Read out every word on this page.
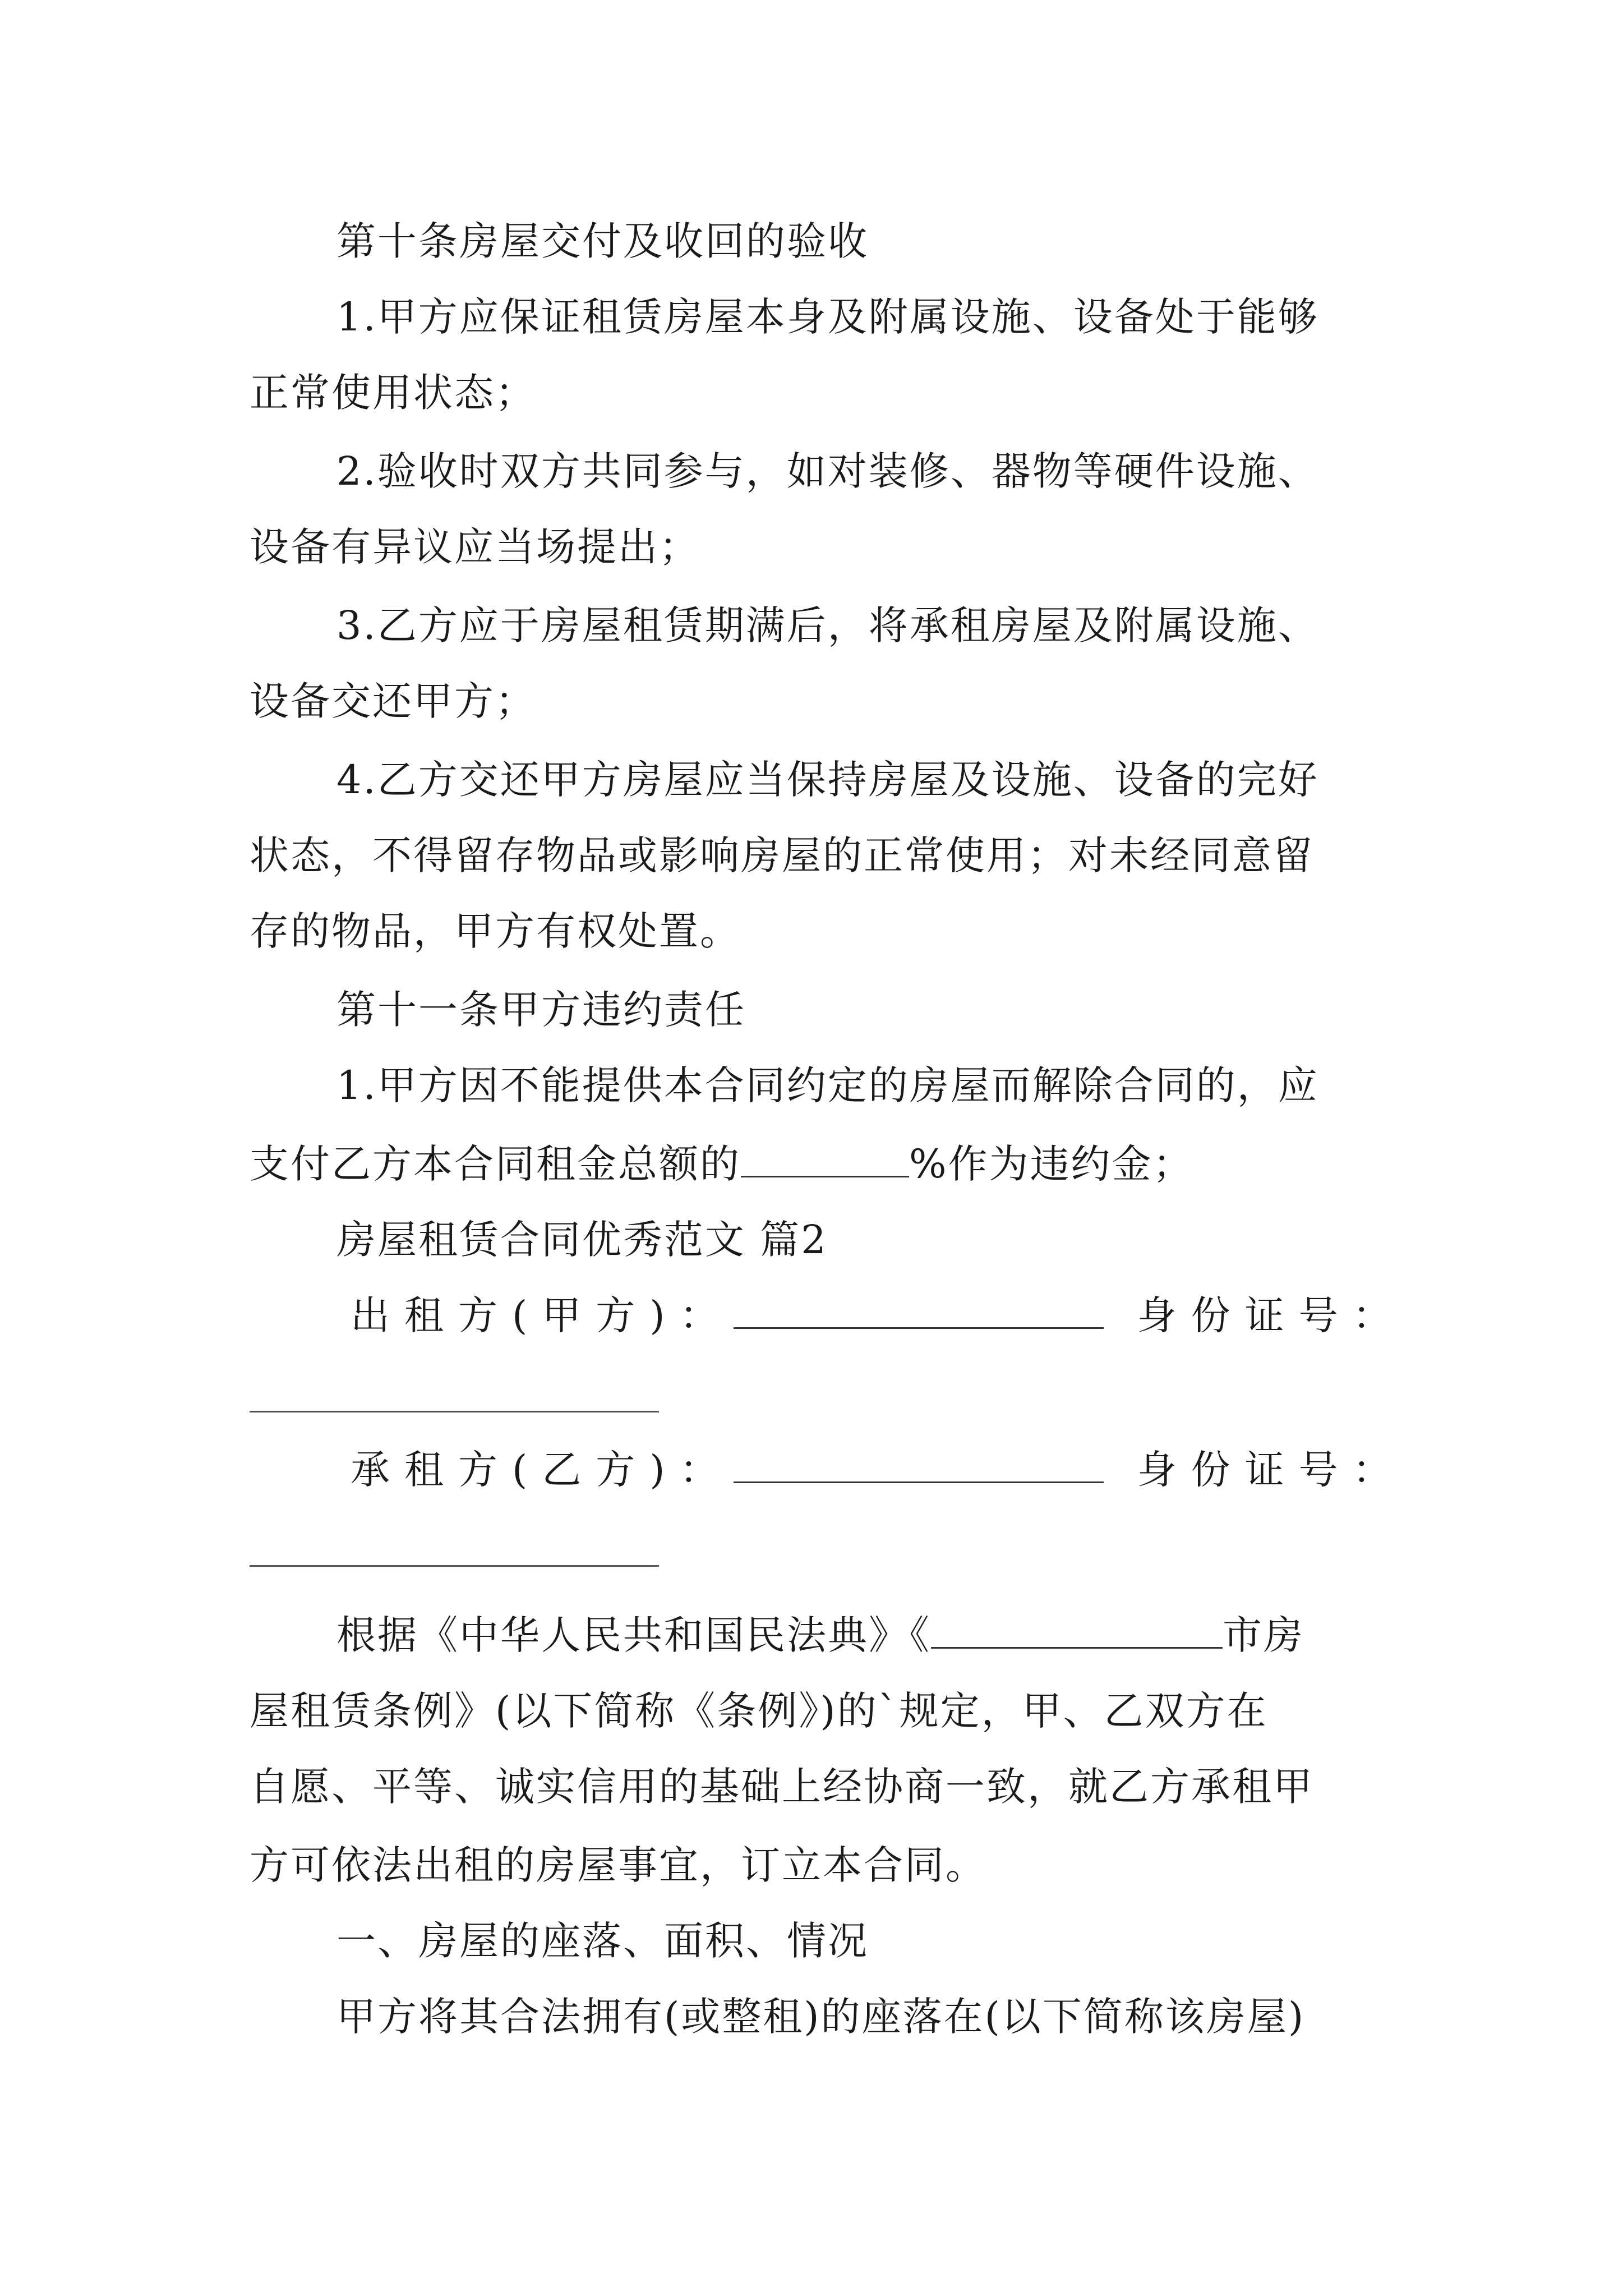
第十条房屋交付及收回的验收
1.甲方应保证租赁房屋本身及附属设施、设备处于能够
正常使用状态；
2.验收时双方共同参与，如对装修、器物等硬件设施、
设备有异议应当场提出；
3.乙方应于房屋租赁期满后，将承租房屋及附属设施、
设备交还甲方；
4.乙方交还甲方房屋应当保持房屋及设施、设备的完好
状态，不得留存物品或影响房屋的正常使用；对未经同意留
存的物品，甲方有权处置。
第十一条甲方违约责任
1.甲方因不能提供本合同约定的房屋而解除合同的，应
支付乙方本合同租金总额的	%作为违约金；
房屋租赁合同优秀范文 篇2
出租方(甲方)：	身份证号：
承租方(乙方)：	身份证号：
根据《中华人民共和国民法典》《	市房
屋租赁条例》(以下简称《条例》)的`规定，甲、乙双方在
自愿、平等、诚实信用的基础上经协商一致，就乙方承租甲
方可依法出租的房屋事宜，订立本合同。
一、房屋的座落、面积、情况
甲方将其合法拥有(或整租)的座落在(以下简称该房屋)
